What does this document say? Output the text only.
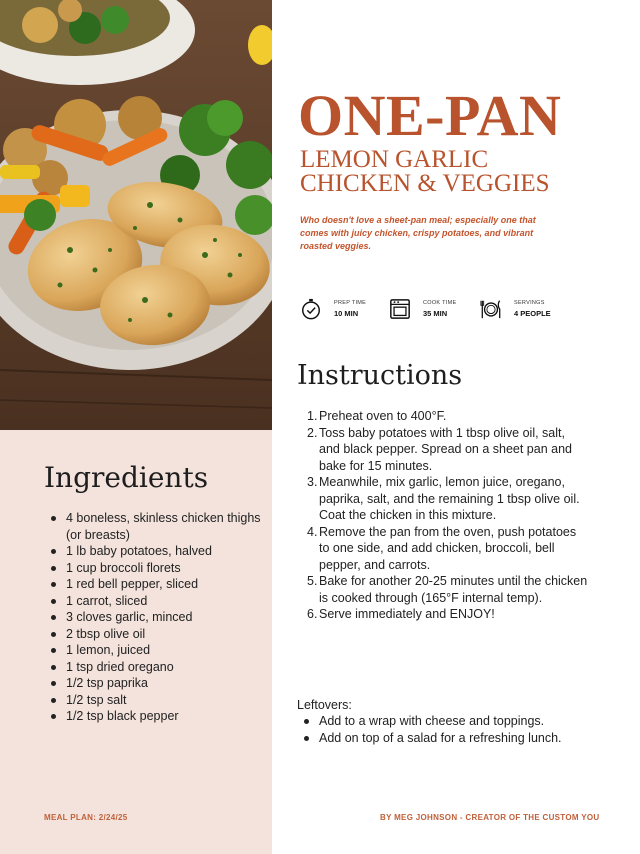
Ingredients
4 boneless, skinless chicken thighs (or breasts)
1 lb baby potatoes, halved
1 cup broccoli florets
1 red bell pepper, sliced
1 carrot, sliced
3 cloves garlic, minced
2 tbsp olive oil
1 lemon, juiced
1 tsp dried oregano
1/2 tsp paprika
1/2 tsp salt
1/2 tsp black pepper
MEAL PLAN: 2/24/25
ONE-PAN
LEMON GARLIC
CHICKEN & VEGGIES

Who doesn't love a sheet-pan meal; especially one that comes with juicy chicken, crispy potatoes, and vibrant roasted veggies.

PREP TIME
10 MIN
COOK TIME
35 MIN
SERVINGS
4 PEOPLE
Instructions
1. Preheat oven to 400°F.
2. Toss baby potatoes with 1 tbsp olive oil, salt, and black pepper. Spread on a sheet pan and bake for 15 minutes.
3. Meanwhile, mix garlic, lemon juice, oregano, paprika, salt, and the remaining 1 tbsp olive oil. Coat the chicken in this mixture.
4. Remove the pan from the oven, push potatoes to one side, and add chicken, broccoli, bell pepper, and carrots.
5. Bake for another 20-25 minutes until the chicken is cooked through (165°F internal temp).
6. Serve immediately and ENJOY!
Leftovers:
Add to a wrap with cheese and toppings.
Add on top of a salad for a refreshing lunch.
BY MEG JOHNSON - CREATOR OF THE CUSTOM YOU
